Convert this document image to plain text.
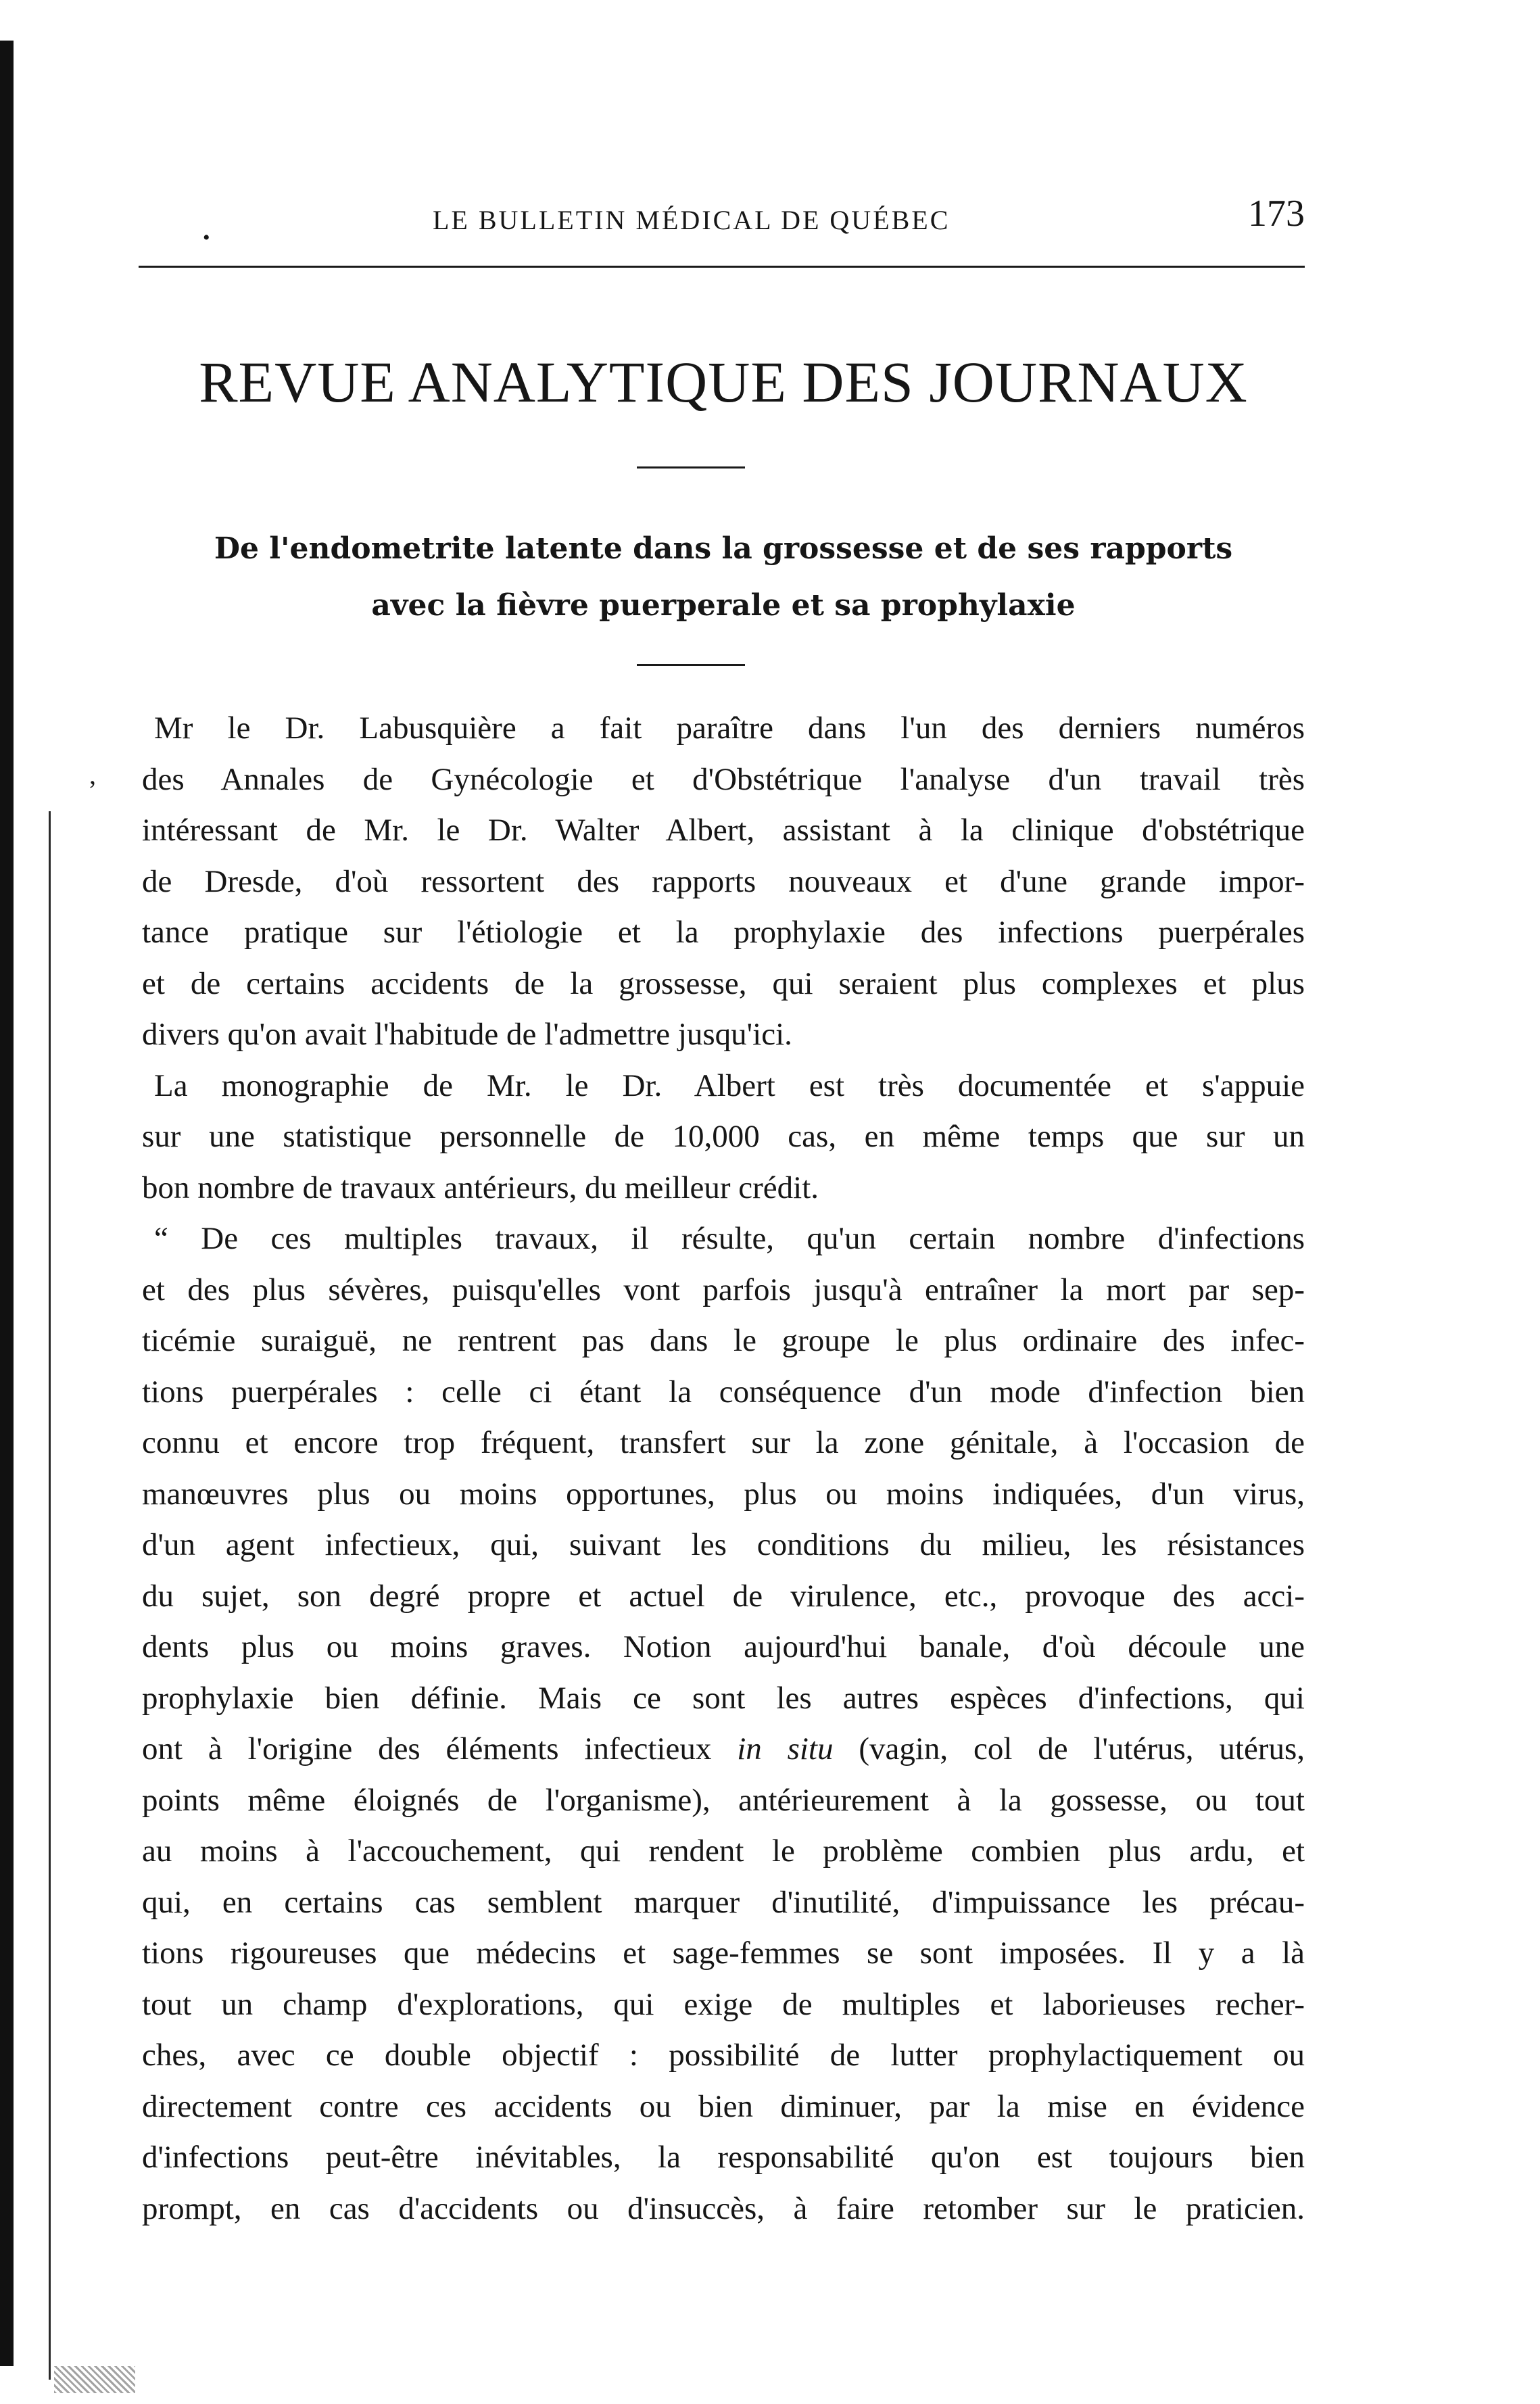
LE BULLETIN MÉDICAL DE QUÉBEC	173
•
REVUE ANALYTIQUE DES JOURNAUX
De l'endometrite latente dans la grossesse et de ses rapports
avec la fièvre puerperale et sa prophylaxie
’
Mr le Dr. Labusquière a fait paraître dans l'un des derniers numéros
des Annales de Gynécologie et d'Obstétrique l'analyse d'un travail très
intéressant de Mr. le Dr. Walter Albert, assistant à la clinique d'obstétrique
de Dresde, d'où ressortent des rapports nouveaux et d'une grande impor-
tance pratique sur l'étiologie et la prophylaxie des infections puerpérales
et de certains accidents de la grossesse, qui seraient plus complexes et plus
divers qu'on avait l'habitude de l'admettre jusqu'ici.
La monographie de Mr. le Dr. Albert est très documentée et s'appuie
sur une statistique personnelle de 10,000 cas, en même temps que sur un
bon nombre de travaux antérieurs, du meilleur crédit.
“ De ces multiples travaux, il résulte, qu'un certain nombre d'infections
et des plus sévères, puisqu'elles vont parfois jusqu'à entraîner la mort par sep-
ticémie suraiguë, ne rentrent pas dans le groupe le plus ordinaire des infec-
tions puerpérales : celle ci étant la conséquence d'un mode d'infection bien
connu et encore trop fréquent, transfert sur la zone génitale, à l'occasion de
manœuvres plus ou moins opportunes, plus ou moins indiquées, d'un virus,
d'un agent infectieux, qui, suivant les conditions du milieu, les résistances
du sujet, son degré propre et actuel de virulence, etc., provoque des acci-
dents plus ou moins graves. Notion aujourd'hui banale, d'où découle une
prophylaxie bien définie. Mais ce sont les autres espèces d'infections, qui
ont à l'origine des éléments infectieux in situ (vagin, col de l'utérus, utérus,
points même éloignés de l'organisme), antérieurement à la gossesse, ou tout
au moins à l'accouchement, qui rendent le problème combien plus ardu, et
qui, en certains cas semblent marquer d'inutilité, d'impuissance les précau-
tions rigoureuses que médecins et sage-femmes se sont imposées. Il y a là
tout un champ d'explorations, qui exige de multiples et laborieuses recher-
ches, avec ce double objectif : possibilité de lutter prophylactiquement ou
directement contre ces accidents ou bien diminuer, par la mise en évidence
d'infections peut-être inévitables, la responsabilité qu'on est toujours bien
prompt, en cas d'accidents ou d'insuccès, à faire retomber sur le praticien.
